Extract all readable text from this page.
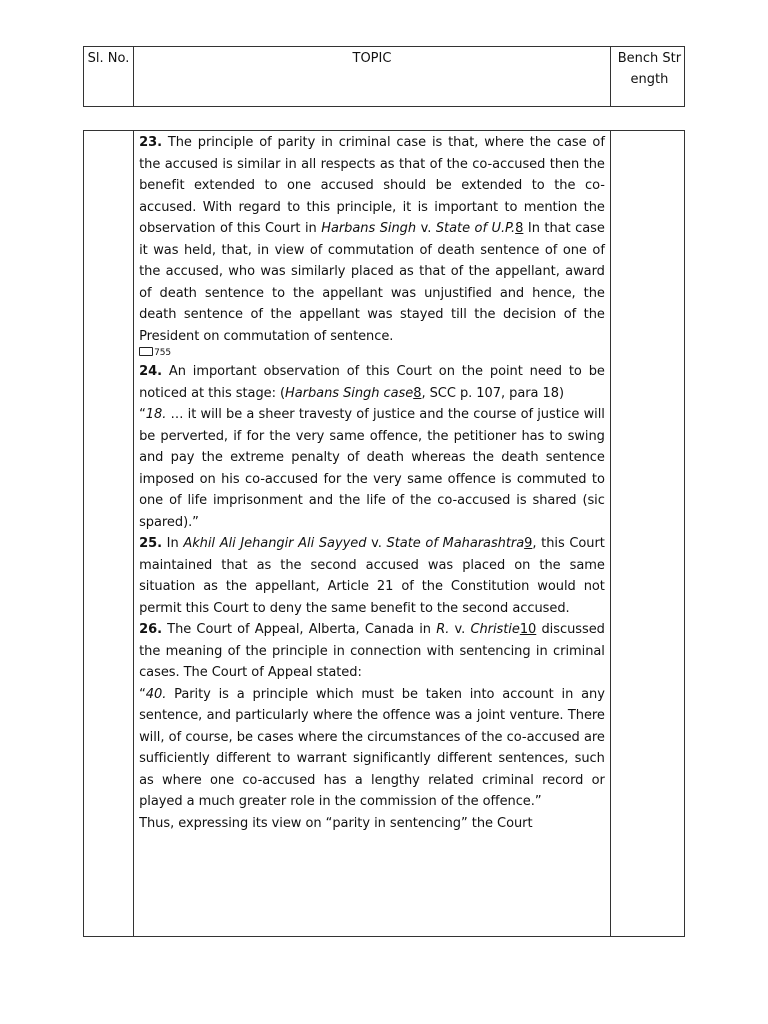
Sl. No.	TOPIC	Bench Strength

23. The principle of parity in criminal case is that, where the case of the accused is similar in all respects as that of the co-accused then the benefit extended to one accused should be extended to the co-accused. With regard to this principle, it is important to mention the observation of this Court in Harbans Singh v. State of U.P.8 In that case it was held, that, in view of commutation of death sentence of one of the accused, who was similarly placed as that of the appellant, award of death sentence to the appellant was unjustified and hence, the death sentence of the appellant was stayed till the decision of the President on commutation of sentence.

755

24. An important observation of this Court on the point need to be noticed at this stage: (Harbans Singh case8, SCC p. 107, para 18)

“18. … it will be a sheer travesty of justice and the course of justice will be perverted, if for the very same offence, the petitioner has to swing and pay the extreme penalty of death whereas the death sentence imposed on his co-accused for the very same offence is commuted to one of life imprisonment and the life of the co-accused is shared (sic spared).”

25. In Akhil Ali Jehangir Ali Sayyed v. State of Maharashtra9, this Court maintained that as the second accused was placed on the same situation as the appellant, Article 21 of the Constitution would not permit this Court to deny the same benefit to the second accused.

26. The Court of Appeal, Alberta, Canada in R. v. Christie10 discussed the meaning of the principle in connection with sentencing in criminal cases. The Court of Appeal stated:

“40. Parity is a principle which must be taken into account in any sentence, and particularly where the offence was a joint venture. There will, of course, be cases where the circumstances of the co-accused are sufficiently different to warrant significantly different sentences, such as where one co-accused has a lengthy related criminal record or played a much greater role in the commission of the offence.”

Thus, expressing its view on “parity in sentencing” the Court
